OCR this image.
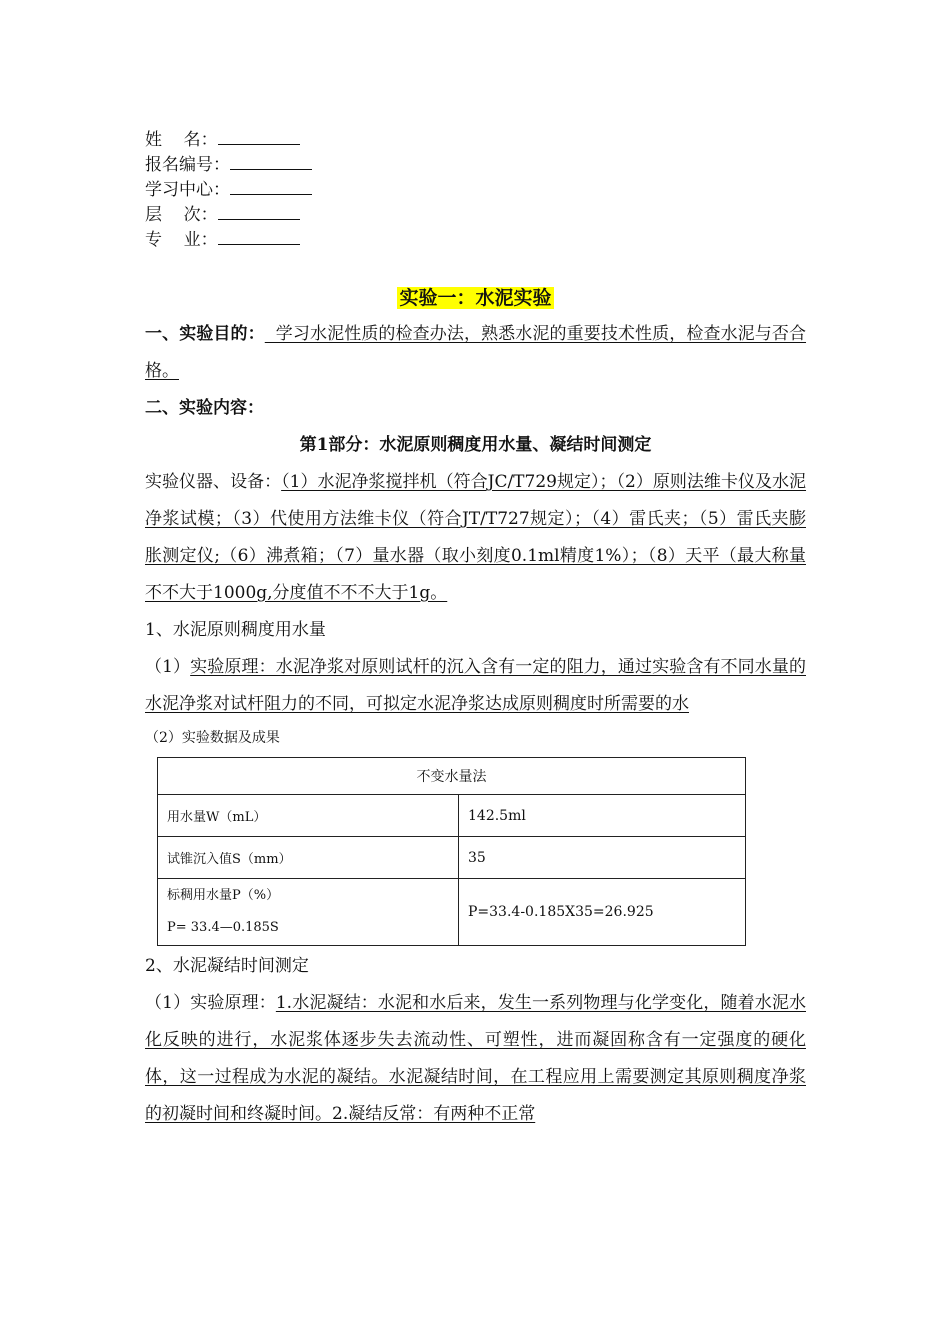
姓    名：
报名编号：
学习中心：
层    次：
专    业：
实验一：水泥实验
一、实验目的：  学习水泥性质的检查办法，熟悉水泥的重要技术性质，检查水泥与否合格。
二、实验内容：
第1部分：水泥原则稠度用水量、凝结时间测定
实验仪器、设备：（1）水泥净浆搅拌机（符合JC/T729规定）；（2）原则法维卡仪及水泥净浆试模；（3）代使用方法维卡仪（符合JT/T727规定）；（4）雷氏夹；（5）雷氏夹膨胀测定仪;（6）沸煮箱；（7）量水器（取小刻度0.1ml精度1%）；（8）天平（最大称量不不大于1000g,分度值不不不大于1g。
1、水泥原则稠度用水量
（1）实验原理：水泥净浆对原则试杆的沉入含有一定的阻力，通过实验含有不同水量的水泥净浆对试杆阻力的不同，可拟定水泥净浆达成原则稠度时所需要的水
（2）实验数据及成果
不变水量法	
用水量W（mL）	142.5ml
试锥沉入值S（mm）	35

标稠用水量P（%）
P= 33.4—0.185S	P=33.4-0.185X35=26.925
2、水泥凝结时间测定
（1）实验原理：1.水泥凝结：水泥和水后来，发生一系列物理与化学变化，随着水泥水化反映的进行，水泥浆体逐步失去流动性、可塑性，进而凝固称含有一定强度的硬化体，这一过程成为水泥的凝结。水泥凝结时间，在工程应用上需要测定其原则稠度净浆的初凝时间和终凝时间。2.凝结反常：有两种不正常
